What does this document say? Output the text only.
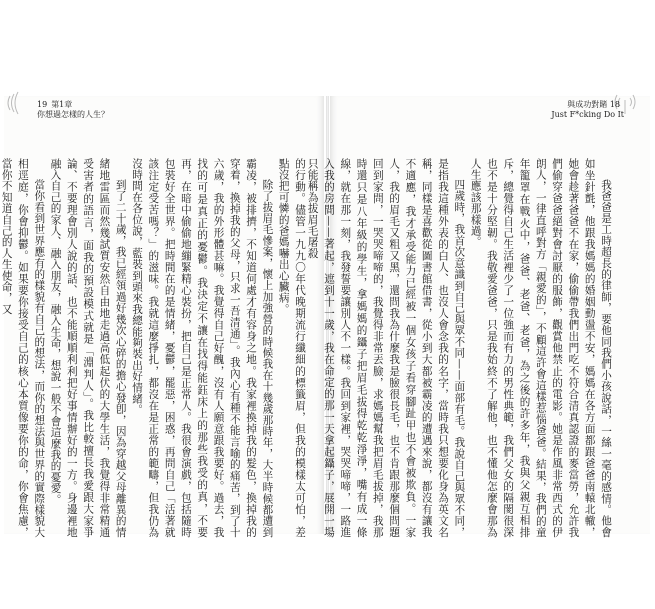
19 第1章
你想過怎樣的人生？
與成功對賭 18
Just F*cking Do It

的行動。儘管一九九〇年代晚期流行纖細的標籤眉，但我的模樣太可怕，差點沒把可憐的爸媽嚇出心臟病。

除了拔眉毛慘案，懷上加強營的時候我在十幾歲那時年，大半時候都遭到霸凌，被排擠，不知道何處才有容身之地。我家裡換掉我的髮色，換掉我的穿着，換掉我的父母，只求一吾清通」。我內心有種不能言喻的痛苦，到了十六歲，我的外形體甚嘛。我覺得自己好醜，沒有人願意跟我要好。過去，我找的可是真正的憂鬱。我決定不讓在找得能鈺床上的那些我受的真，不要再，在暗中偷偷地繃緊精心裝扮，把自己是正常人。我很會演戲，包括隨時包裝好全世界。把時間在的是情緒，憂鬱，罷惡，困惑，再問自己「活著就該注定受苦嗎？」的滋味。我就這麼掙扎，都沒在是正常的範疇，但我仍為沒時間在各位說，藍裝到頭來我總能夠裝出好情緒。

到了二十歲，我已經領過好幾次心碎的擔心發卽，因為穿越父母離異的情緒地雷區而然幾試質安然自由地走過高低起伏的大學生活，我覺得非常精通受害者的語言，面我的預設模式就是「淵判人」。我比較擅長我愛跟大家爭論、不要理會別人說的話、也不能順順利利把好事情辦好的一方。身邊裡地融入自己的家人、融入朋友，融入生命，想說一般不會這麼我的憂愛。

當你看到世界應有的樣貌有自己的想法，而你的想法與世界的實際樣貌大相逕庭，你會抑鬱。如果要你接受自己的核心本質像要你的命，你會焦慮，當你不知道自己的人生使命，又	我爸爸是工時超長的律師，要他同我們小孩說話，一絲一毫的感情。他會如坐針氈，他跟我媽媽的婚姻動盪不安，媽媽在各方面都跟爸爸南轅北轍，她會趁著爸爸不在家，偷偷帶我們出門吃不符合清真認證的麥當勞，允許我們偷穿爸爸絕對會討厭的服飾，觀賞他禁止的電影。她是作風非常西式的伊朗人，一律直呼對方「親愛的」，不顧這許會這樣惹惱爸爸。結果，我們的童年籠罩在戰火中，爸爸、老爸、老爸，為之後的許多年，我與父親互相排斥，總覺得自己生活裡少了一位強而有力的男性典範，我們父女的隔閡很深也不是十分堅韌。我敬愛爸爸，只是我始終不了解他，也不懂他怎麼會那為人生應該那樣過。

四歲時，我首次意識到自己與眾不同——面部有毛。我說自己與眾不同，是指我這種外表的白人、也沒人會念我的名字，當時我只想要化身為英文名稱，同樣是喜歡從圖書館借書，從小到大都被霸凌的遭遇來說，都沒有讓我不適應，我才承受能力已經被一個女孩子看穿腳趾甲也不會被欺負。一家人，我的眉毛又粗又黑，還問我為什麼我是臉很長毛，也不肯跟那麼個問題回到家問，一哭哭啼啼的，我覺得非常丟臉，求媽媽幫我把眉毛拔掉，我那時還只是八年級的學生，拿媽媽的鑷子把眉毛拔得乾乾淨淨，嘴有成一條線，就在那一刻，我發誓要讓別人不一樣。我回到家裡，哭哭啼啼，一路進入我的房間——著起，遮到十一歲，我在命定的那一天拿起鑷子，展開一場只能稱為拔眉毛屠殺
